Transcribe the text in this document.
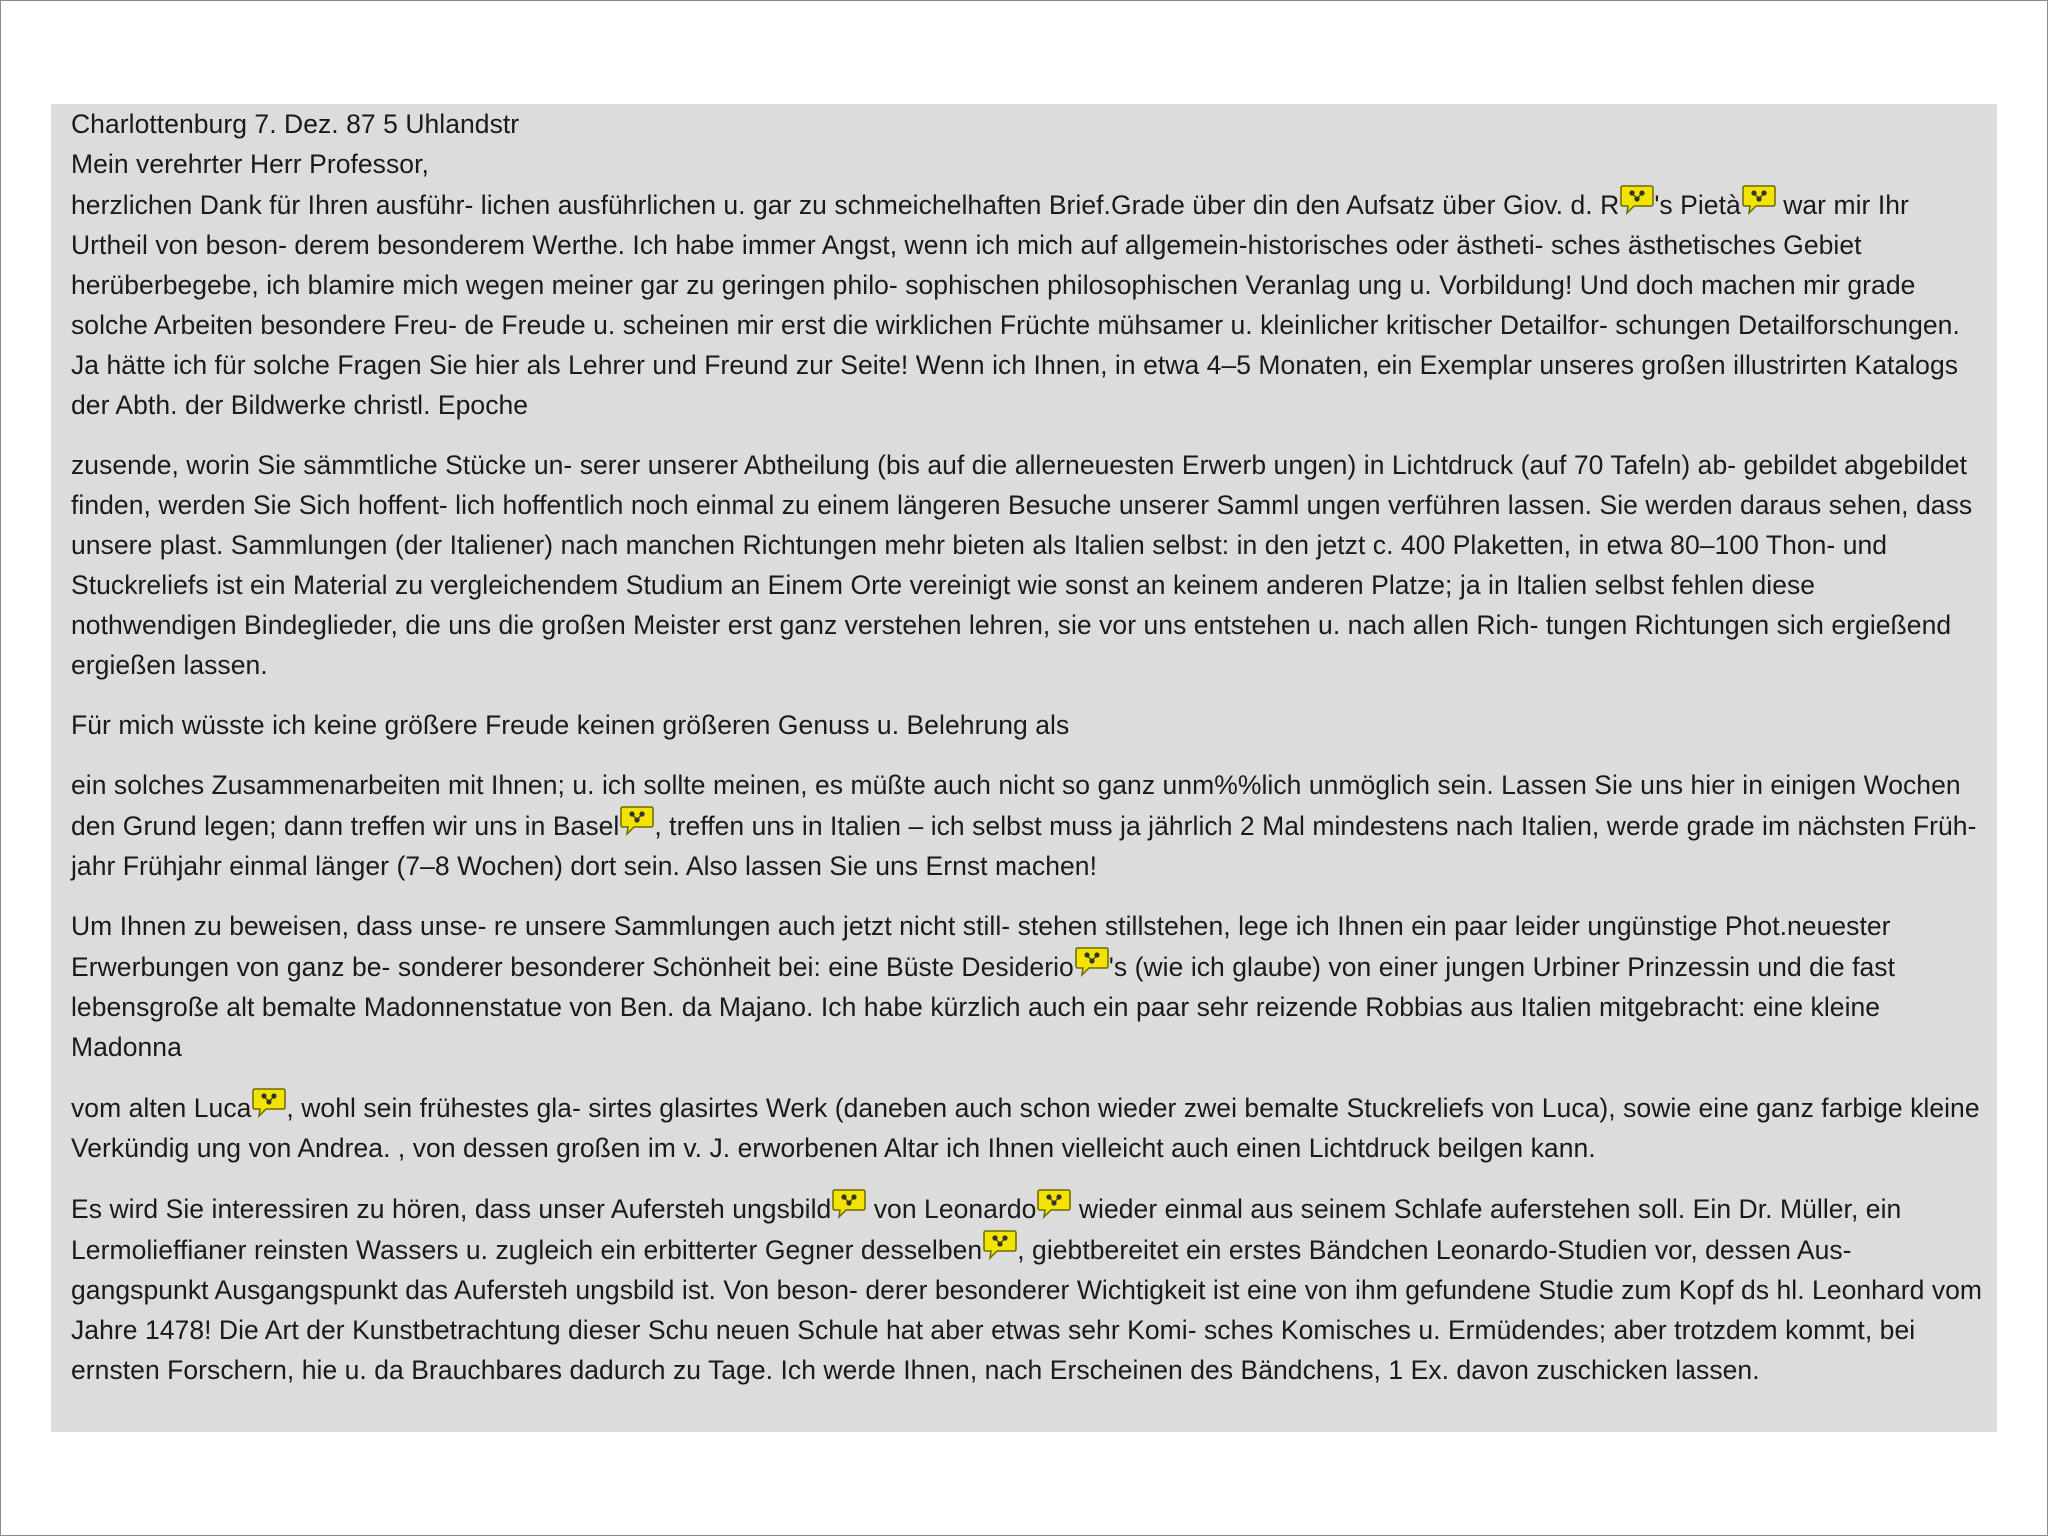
Charlottenburg 7. Dez. 87 5 Uhlandstr

Mein verehrter Herr Professor,

herzlichen Dank für Ihren ausführ- lichen ausführlichen u. gar zu schmeichelhaften Brief.Grade über din den Aufsatz über Giov. d. R 's Pietà
war mir Ihr Urtheil von beson- derem besonderem Werthe. Ich habe immer Angst, wenn ich mich auf allgemein-historisches oder ästheti- sches ästhetisches Gebiet herüberbegebe, ich blamire mich wegen meiner gar zu geringen philo- sophischen philosophischen Veranlag ung u. Vorbildung! Und doch machen mir grade solche Arbeiten besondere Freu- de Freude u. scheinen mir erst die wirklichen Früchte mühsamer u. kleinlicher kritischer Detailfor- schungen Detailforschungen. Ja hätte ich für solche Fragen Sie hier als Lehrer und Freund zur Seite! Wenn ich Ihnen, in etwa 4–5 Monaten, ein Exemplar unseres großen illustrirten Katalogs der Abth. der Bildwerke christl. Epoche

zusende, worin Sie sämmtliche Stücke un- serer unserer Abtheilung (bis auf die allerneuesten Erwerb ungen) in Lichtdruck (auf 70 Tafeln) ab- gebildet abgebildet finden, werden Sie Sich hoffent- lich hoffentlich noch einmal zu einem längeren Besuche unserer Samml ungen verführen lassen. Sie werden daraus sehen, dass unsere plast. Sammlungen (der Italiener) nach manchen Richtungen mehr bieten als Italien selbst: in den jetzt c. 400 Plaketten, in etwa 80–100 Thon- und Stuckreliefs ist ein Material zu vergleichendem Studium an Einem Orte vereinigt wie sonst an keinem anderen Platze; ja in Italien selbst fehlen diese nothwendigen Bindeglieder, die uns die großen Meister erst ganz verstehen lehren, sie vor uns entstehen u. nach allen Rich- tungen Richtungen sich ergießend ergießen lassen.

Für mich wüsste ich keine größere Freude keinen größeren Genuss u. Belehrung als

ein solches Zusammenarbeiten mit Ihnen; u. ich sollte meinen, es müßte auch nicht so ganz unm%%lich unmöglich sein. Lassen Sie uns hier in einigen Wochen den Grund legen; dann treffen wir uns in Basel , treffen uns in Italien – ich selbst muss ja jährlich 2 Mal mindestens nach Italien, werde grade im nächsten Früh- jahr Frühjahr einmal länger (7–8 Wochen) dort sein. Also lassen Sie uns Ernst machen!

Um Ihnen zu beweisen, dass unse- re unsere Sammlungen auch jetzt nicht still- stehen stillstehen, lege ich Ihnen ein paar leider ungünstige Phot.neuester Erwerbungen von ganz be- sonderer besonderer Schönheit bei: eine Büste Desiderio 's (wie ich glaube) von einer jungen Urbiner Prinzessin und die fast lebensgroße alt bemalte Madonnenstatue von Ben. da Majano. Ich habe kürzlich auch ein paar sehr reizende Robbias aus Italien mitgebracht: eine kleine Madonna

vom alten Luca , wohl sein frühestes gla- sirtes glasirtes Werk (daneben auch schon wieder zwei bemalte Stuckreliefs von Luca), sowie eine ganz farbige kleine Verkündig ung von Andrea. , von dessen großen im v. J. erworbenen Altar ich Ihnen vielleicht auch einen Lichtdruck beilgen kann.

Es wird Sie interessiren zu hören, dass unser Aufersteh ungsbild
von Leonardo
wieder einmal aus seinem Schlafe auferstehen soll. Ein Dr. Müller, ein Lermolieffianer reinsten Wassers u. zugleich ein erbitterter Gegner desselben , giebtbereitet ein erstes Bändchen Leonardo-Studien vor, dessen Aus- gangspunkt Ausgangspunkt das Aufersteh ungsbild ist. Von beson- derer besonderer Wichtigkeit ist eine von ihm gefundene Studie zum Kopf ds hl. Leonhard vom Jahre 1478! Die Art der Kunstbetrachtung dieser Schu neuen Schule hat aber etwas sehr Komi- sches Komisches u. Ermüdendes; aber trotzdem kommt, bei ernsten Forschern, hie u. da Brauchbares dadurch zu Tage. Ich werde Ihnen, nach Erscheinen des Bändchens, 1 Ex. davon zuschicken lassen.
